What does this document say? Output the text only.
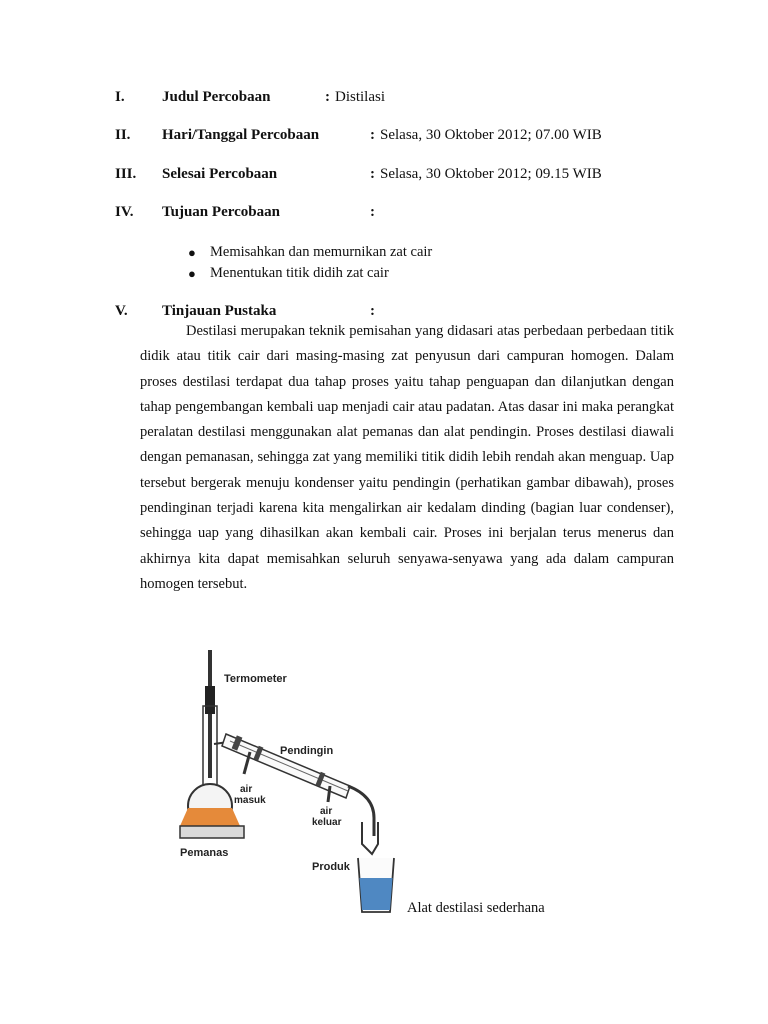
I. Judul Percobaan	: Distilasi
II. Hari/Tanggal Percobaan	: Selasa, 30 Oktober 2012; 07.00 WIB
III. Selesai Percobaan	: Selasa, 30 Oktober 2012; 09.15 WIB
IV. Tujuan Percobaan	:
● Memisahkan dan memurnikan zat cair
● Menentukan titik didih zat cair
V. Tinjauan Pustaka	:
Destilasi merupakan teknik pemisahan yang didasari atas perbedaan perbedaan titik didik atau titik cair dari masing-masing zat penyusun dari campuran homogen. Dalam proses destilasi terdapat dua tahap proses yaitu tahap penguapan dan dilanjutkan dengan tahap pengembangan kembali uap menjadi cair atau padatan. Atas dasar ini maka perangkat peralatan destilasi menggunakan alat pemanas dan alat pendingin. Proses destilasi diawali dengan pemanasan, sehingga zat yang memiliki titik didih lebih rendah akan menguap. Uap tersebut bergerak menuju kondenser yaitu pendingin (perhatikan gambar dibawah), proses pendinginan terjadi karena kita mengalirkan air kedalam dinding (bagian luar condenser), sehingga uap yang dihasilkan akan kembali cair. Proses ini berjalan terus menerus dan akhirnya kita dapat memisahkan seluruh senyawa-senyawa yang ada dalam campuran homogen tersebut.
Termometer
Pendingin
air
masuk
air
keluar
Pemanas
Produk
Alat destilasi sederhana
